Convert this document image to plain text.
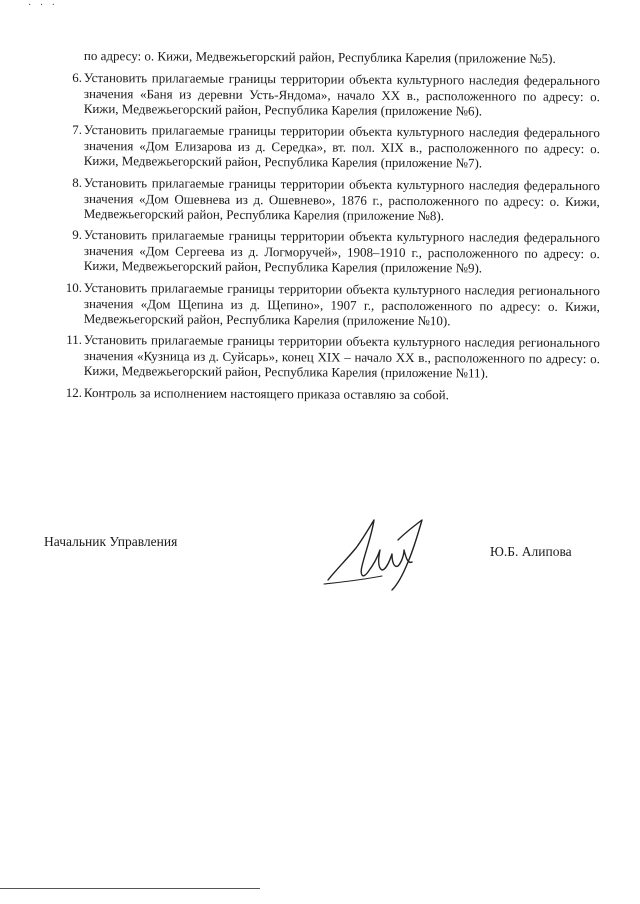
· · ·
по адресу: о. Кижи, Медвежьегорский район, Республика Карелия (приложение №5).
6. Установить прилагаемые границы территории объекта культурного наследия федерального значения «Баня из деревни Усть-Яндома», начало XX в., расположенного по адресу: о. Кижи, Медвежьегорский район, Республика Карелия (приложение №6).
7. Установить прилагаемые границы территории объекта культурного наследия федерального значения «Дом Елизарова из д. Середка», вт. пол. XIX в., расположенного по адресу: о. Кижи, Медвежьегорский район, Республика Карелия (приложение №7).
8. Установить прилагаемые границы территории объекта культурного наследия федерального значения «Дом Ошевнева из д. Ошевнево», 1876 г., расположенного по адресу: о. Кижи, Медвежьегорский район, Республика Карелия (приложение №8).
9. Установить прилагаемые границы территории объекта культурного наследия федерального значения «Дом Сергеева из д. Логморучей», 1908–1910 г., расположенного по адресу: о. Кижи, Медвежьегорский район, Республика Карелия (приложение №9).
10. Установить прилагаемые границы территории объекта культурного наследия регионального значения «Дом Щепина из д. Щепино», 1907 г., расположенного по адресу: о. Кижи, Медвежьегорский район, Республика Карелия (приложение №10).
11. Установить прилагаемые границы территории объекта культурного наследия регионального значения «Кузница из д. Суйсарь», конец XIX – начало XX в., расположенного по адресу: о. Кижи, Медвежьегорский район, Республика Карелия (приложение №11).
12. Контроль за исполнением настоящего приказа оставляю за собой.
Начальник Управления
Ю.Б. Алипова
